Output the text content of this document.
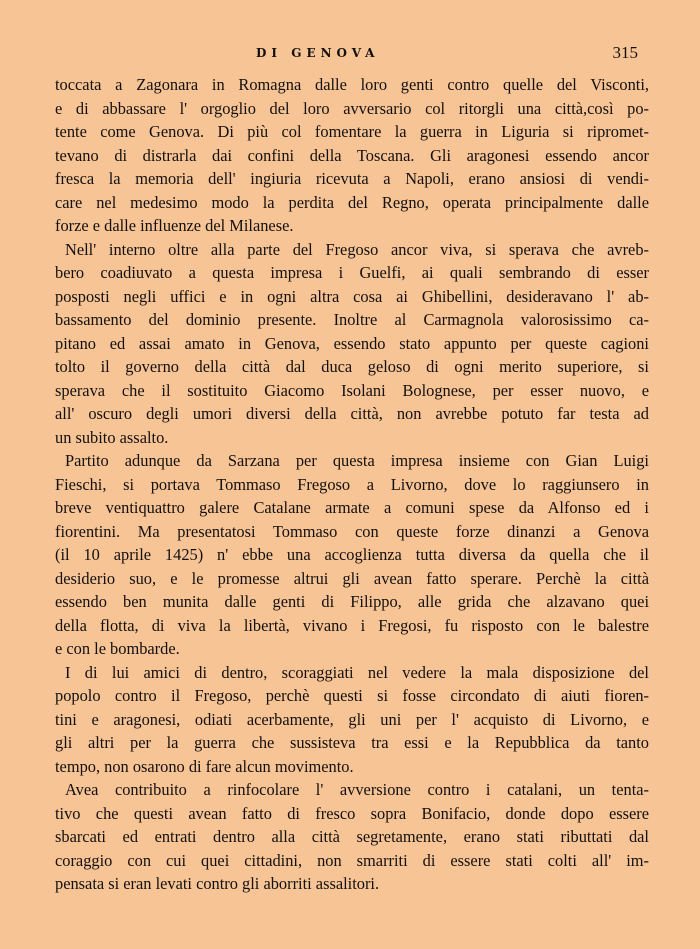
DI GENOVA	315
toccata a Zagonara in Romagna dalle loro genti contro quelle del Visconti,
e di abbassare l' orgoglio del loro avversario col ritorgli una città,così po-
tente come Genova. Di più col fomentare la guerra in Liguria si ripromet-
tevano di distrarla dai confini della Toscana. Gli aragonesi essendo ancor
fresca la memoria dell' ingiuria ricevuta a Napoli, erano ansiosi di vendi-
care nel medesimo modo la perdita del Regno, operata principalmente dalle
forze e dalle influenze del Milanese.
Nell' interno oltre alla parte del Fregoso ancor viva, si sperava che avreb-
bero coadiuvato a questa impresa i Guelfi, ai quali sembrando di esser
posposti negli uffici e in ogni altra cosa ai Ghibellini, desideravano l' ab-
bassamento del dominio presente. Inoltre al Carmagnola valorosissimo ca-
pitano ed assai amato in Genova, essendo stato appunto per queste cagioni
tolto il governo della città dal duca geloso di ogni merito superiore, si
sperava che il sostituito Giacomo Isolani Bolognese, per esser nuovo, e
all' oscuro degli umori diversi della città, non avrebbe potuto far testa ad
un subito assalto.
Partito adunque da Sarzana per questa impresa insieme con Gian Luigi
Fieschi, si portava Tommaso Fregoso a Livorno, dove lo raggiunsero in
breve ventiquattro galere Catalane armate a comuni spese da Alfonso ed i
fiorentini. Ma presentatosi Tommaso con queste forze dinanzi a Genova
(il 10 aprile 1425) n' ebbe una accoglienza tutta diversa da quella che il
desiderio suo, e le promesse altrui gli avean fatto sperare. Perchè la città
essendo ben munita dalle genti di Filippo, alle grida che alzavano quei
della flotta, di viva la libertà, vivano i Fregosi, fu risposto con le balestre
e con le bombarde.
I di lui amici di dentro, scoraggiati nel vedere la mala disposizione del
popolo contro il Fregoso, perchè questi si fosse circondato di aiuti fioren-
tini e aragonesi, odiati acerbamente, gli uni per l' acquisto di Livorno, e
gli altri per la guerra che sussisteva tra essi e la Repubblica da tanto
tempo, non osarono di fare alcun movimento.
Avea contribuito a rinfocolare l' avversione contro i catalani, un tenta-
tivo che questi avean fatto di fresco sopra Bonifacio, donde dopo essere
sbarcati ed entrati dentro alla città segretamente, erano stati ributtati dal
coraggio con cui quei cittadini, non smarriti di essere stati colti all' im-
pensata si eran levati contro gli aborriti assalitori.
